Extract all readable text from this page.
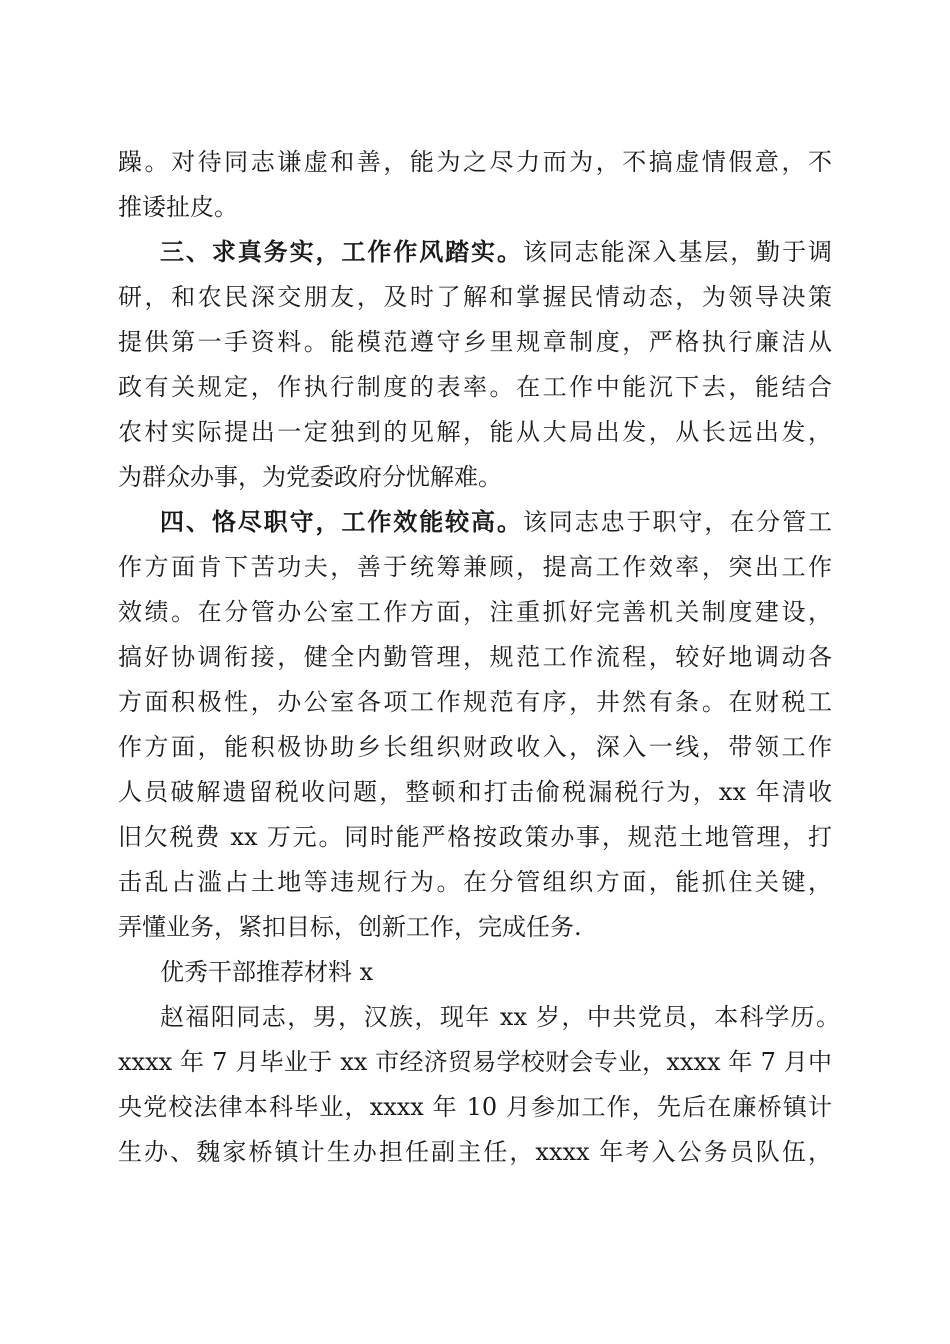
躁。对待同志谦虚和善，能为之尽力而为，不搞虚情假意，不
推诿扯皮。
三、求真务实，工作作风踏实。该同志能深入基层，勤于调
研，和农民深交朋友，及时了解和掌握民情动态，为领导决策
提供第一手资料。能模范遵守乡里规章制度，严格执行廉洁从
政有关规定，作执行制度的表率。在工作中能沉下去，能结合
农村实际提出一定独到的见解，能从大局出发，从长远出发，
为群众办事，为党委政府分忧解难。
四、恪尽职守，工作效能较高。该同志忠于职守，在分管工
作方面肯下苦功夫，善于统筹兼顾，提高工作效率，突出工作
效绩。在分管办公室工作方面，注重抓好完善机关制度建设，
搞好协调衔接，健全内勤管理，规范工作流程，较好地调动各
方面积极性，办公室各项工作规范有序，井然有条。在财税工
作方面，能积极协助乡长组织财政收入，深入一线，带领工作
人员破解遗留税收问题，整顿和打击偷税漏税行为，xx 年清收
旧欠税费 xx 万元。同时能严格按政策办事，规范土地管理，打
击乱占滥占土地等违规行为。在分管组织方面，能抓住关键，
弄懂业务，紧扣目标，创新工作，完成任务.
优秀干部推荐材料 x
赵福阳同志，男，汉族，现年 xx 岁，中共党员，本科学历。
xxxx 年 7 月毕业于 xx 市经济贸易学校财会专业，xxxx 年 7 月中
央党校法律本科毕业，xxxx 年 10 月参加工作，先后在廉桥镇计
生办、魏家桥镇计生办担任副主任，xxxx 年考入公务员队伍，
